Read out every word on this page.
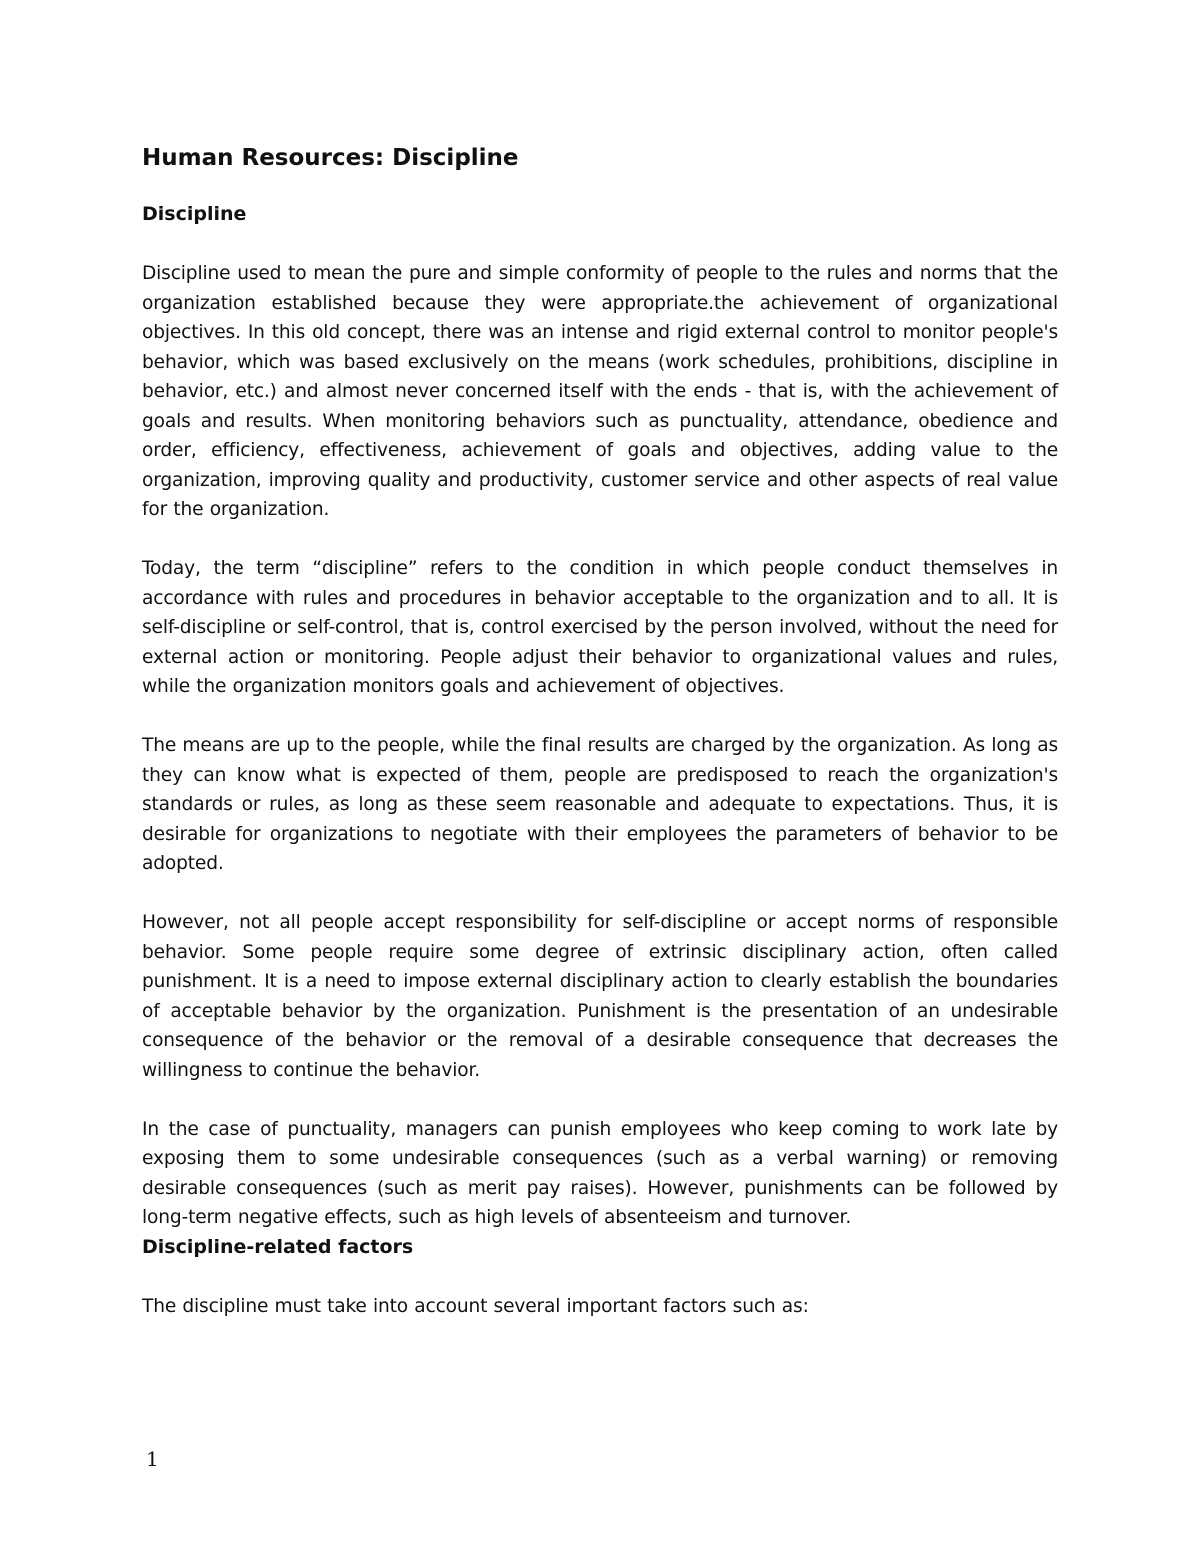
Human Resources: Discipline
Discipline

Discipline used to mean the pure and simple conformity of people to the rules and norms that the organization established because they were appropriate.the achievement of organizational objectives. In this old concept, there was an intense and rigid external control to monitor people's behavior, which was based exclusively on the means (work schedules, prohibitions, discipline in behavior, etc.) and almost never concerned itself with the ends - that is, with the achievement of goals and results. When monitoring behaviors such as punctuality, attendance, obedience and order, efficiency, effectiveness, achievement of goals and objectives, adding value to the organization, improving quality and productivity, customer service and other aspects of real value for the organization.

Today, the term “discipline” refers to the condition in which people conduct themselves in accordance with rules and procedures in behavior acceptable to the organization and to all. It is self-discipline or self-control, that is, control exercised by the person involved, without the need for external action or monitoring. People adjust their behavior to organizational values and rules, while the organization monitors goals and achievement of objectives.

The means are up to the people, while the final results are charged by the organization. As long as they can know what is expected of them, people are predisposed to reach the organization's standards or rules, as long as these seem reasonable and adequate to expectations. Thus, it is desirable for organizations to negotiate with their employees the parameters of behavior to be adopted.

However, not all people accept responsibility for self-discipline or accept norms of responsible behavior. Some people require some degree of extrinsic disciplinary action, often called punishment. It is a need to impose external disciplinary action to clearly establish the boundaries of acceptable behavior by the organization. Punishment is the presentation of an undesirable consequence of the behavior or the removal of a desirable consequence that decreases the willingness to continue the behavior.

In the case of punctuality, managers can punish employees who keep coming to work late by exposing them to some undesirable consequences (such as a verbal warning) or removing desirable consequences (such as merit pay raises). However, punishments can be followed by long-term negative effects, such as high levels of absenteeism and turnover.

Discipline-related factors

The discipline must take into account several important factors such as:

1
